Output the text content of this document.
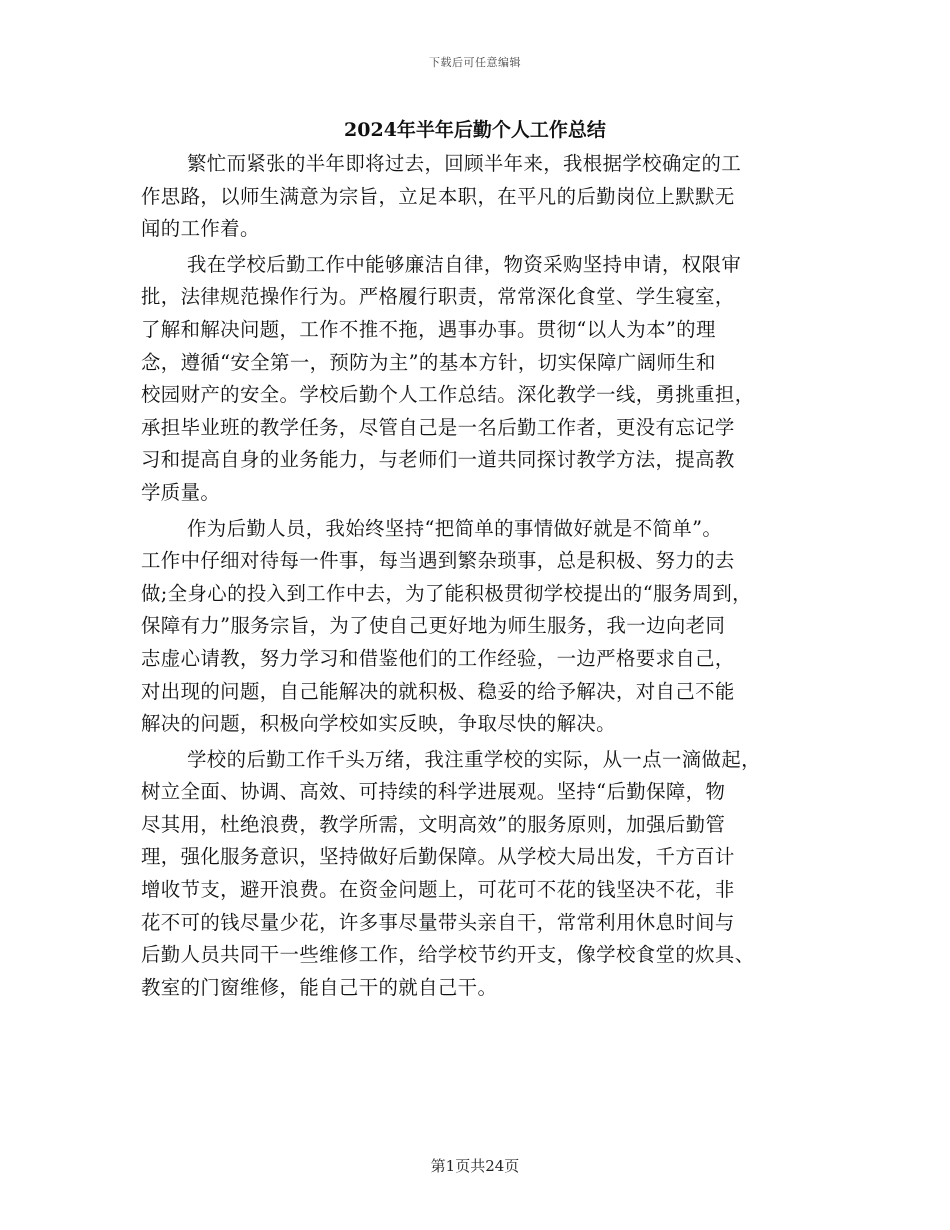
下载后可任意编辑
2024年半年后勤个人工作总结
繁忙而紧张的半年即将过去，回顾半年来，我根据学校确定的工
作思路，以师生满意为宗旨，立足本职，在平凡的后勤岗位上默默无
闻的工作着。
我在学校后勤工作中能够廉洁自律，物资采购坚持申请，权限审
批，法律规范操作行为。严格履行职责，常常深化食堂、学生寝室，
了解和解决问题，工作不推不拖，遇事办事。贯彻“以人为本”的理
念，遵循“安全第一，预防为主”的基本方针，切实保障广阔师生和
校园财产的安全。学校后勤个人工作总结。深化教学一线，勇挑重担，
承担毕业班的教学任务，尽管自己是一名后勤工作者，更没有忘记学
习和提高自身的业务能力，与老师们一道共同探讨教学方法，提高教
学质量。
作为后勤人员，我始终坚持“把简单的事情做好就是不简单”。
工作中仔细对待每一件事，每当遇到繁杂琐事，总是积极、努力的去
做;全身心的投入到工作中去，为了能积极贯彻学校提出的“服务周到，
保障有力”服务宗旨，为了使自己更好地为师生服务，我一边向老同
志虚心请教，努力学习和借鉴他们的工作经验，一边严格要求自己，
对出现的问题，自己能解决的就积极、稳妥的给予解决，对自己不能
解决的问题，积极向学校如实反映，争取尽快的解决。
学校的后勤工作千头万绪，我注重学校的实际，从一点一滴做起，
树立全面、协调、高效、可持续的科学进展观。坚持“后勤保障，物
尽其用，杜绝浪费，教学所需，文明高效”的服务原则，加强后勤管
理，强化服务意识，坚持做好后勤保障。从学校大局出发，千方百计
增收节支，避开浪费。在资金问题上，可花可不花的钱坚决不花，非
花不可的钱尽量少花，许多事尽量带头亲自干，常常利用休息时间与
后勤人员共同干一些维修工作，给学校节约开支，像学校食堂的炊具、
教室的门窗维修，能自己干的就自己干。
第1页共24页
